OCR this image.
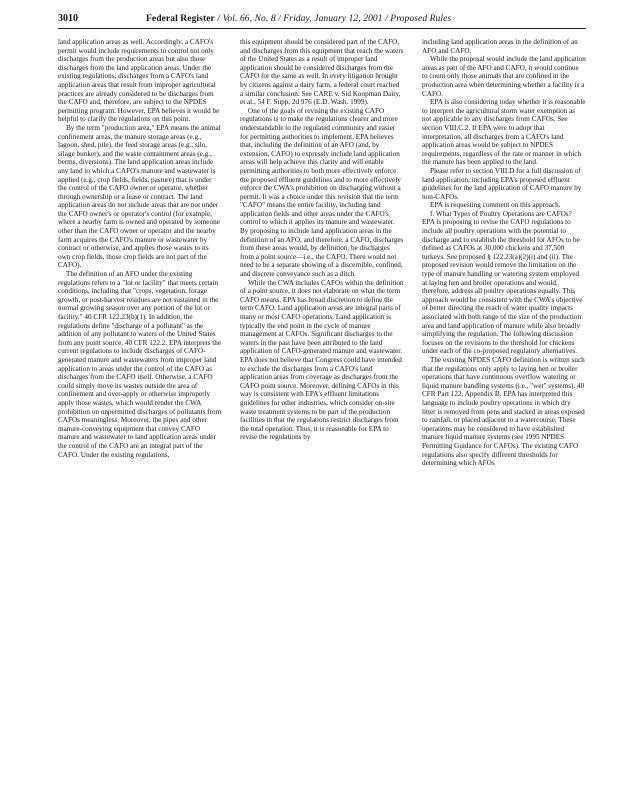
3010	Federal Register / Vol. 66, No. 8 / Friday, January 12, 2001 / Proposed Rules

land application areas as well. Accordingly, a CAFO's permit would include requirements to control not only discharges from the production areas but also those discharges from the land application areas. Under the existing regulations, discharges from a CAFO's land application areas that result from improper agricultural practices are already considered to be discharges from the CAFO and, therefore, are subject to the NPDES permitting program. However, EPA believes it would be helpful to clarify the regulations on this point.

By the term "production area," EPA means the animal confinement areas, the manure storage areas (e.g., lagoon, shed, pile), the feed storage areas (e.g., silo, silage bunker), and the waste containment areas (e.g., berms, diversions). The land application areas include any land to which a CAFO's manure and wastewater is applied (e.g., crop fields, fields, pasture) that is under the control of the CAFO owner or operator, whether through ownership or a lease or contract. The land application areas do not include areas that are not under the CAFO owner's or operator's control (for example, where a nearby farm is owned and operated by someone other than the CAFO owner or operator and the nearby farm acquires the CAFO's manure or wastewater by contract or otherwise, and applies those wastes to its own crop fields, those crop fields are not part of the CAFO).

The definition of an AFO under the existing regulations refers to a "lot or facility" that meets certain conditions, including that "crops, vegetation, forage growth, or post-harvest residues are not sustained in the normal growing season over any portion of the lot or facility." 40 CFR 122.23(b)(1). In addition, the regulations define "discharge of a pollutant" as the addition of any pollutant to waters of the United States from any point source. 40 CFR 122.2. EPA interprets the current regulations to include discharges of CAFO-generated manure and wastewaters from improper land application to areas under the control of the CAFO as discharges from the CAFO itself. Otherwise, a CAFO could simply move its wastes outside the area of confinement and over-apply or otherwise improperly apply those wastes, which would render the CWA prohibition on unpermitted discharges of pollutants from CAFOs meaningless. Moreover, the pipes and other manure-conveying equipment that convey CAFO manure and wastewater to land application areas under the control of the CAFO are an integral part of the CAFO. Under the existing regulations,

this equipment should be considered part of the CAFO, and discharges from this equipment that reach the waters of the United States as a result of improper land application should be considered discharges from the CAFO for the same as well. In every litigation brought by citizens against a dairy farm, a federal court reached a similar conclusion. See CARE v. Sid Koopman Dairy, et al., 54 F. Supp. 2d 976 (E.D. Wash. 1999).

One of the goals of revising the existing CAFO regulations is to make the regulations clearer and more understandable to the regulated community and easier for permitting authorities to implement. EPA believes that, including the definition of an AFO (and, by extension, CAFO) to expressly include land application areas will help achieve this clarity and will enable permitting authorities to both more effectively enforce the proposed effluent guidelines and to more effectively enforce the CWA's prohibition on discharging without a permit. It was a choice under this revision that the term "CAFO" means the entire facility, including land application fields and other areas under the CAFO's control to which it applies its manure and wastewater. By proposing to include land application areas in the definition of an AFO, and therefore, a CAFO, discharges from these areas would, by definition, be discharges from a point source—i.e., the CAFO. There would not need to be a separate showing of a discernible, confined, and discrete conveyance such as a ditch.

While the CWA includes CAFOs within the definition of a point source, it does not elaborate on what the term CAFO means. EPA has broad discretion to define the term CAFO. Land application areas are integral parts of many or most CAFO operations. Land application is typically the end point in the cycle of manure management at CAFOs. Significant discharges to the waters in the past have been attributed to the land application of CAFO-generated manure and wastewater. EPA does not believe that Congress could have intended to exclude the discharges from a CAFO's land application areas from coverage as discharges from the CAFO point source. Moreover, defining CAFOs in this way is consistent with EPA's effluent limitations guidelines for other industries, which consider on-site waste treatment systems to be part of the production facilities in that the regulations restrict discharges from the total operation. Thus, it is reasonable for EPA to revise the regulations by

including land application areas in the definition of an AFO and CAFO.

While the proposal would include the land application areas as part of the AFO and CAFO, it would continue to count only those animals that are confined in the production area when determining whether a facility is a CAFO.

EPA is also considering today whether it is reasonable to interpret the agricultural storm water exemption as not applicable to any discharges from CAFOs. See section VIII.C.2. If EPA were to adopt that interpretation, all discharges from a CAFO's land application areas would be subject to NPDES requirements, regardless of the rate or manner in which the manure has been applied to the land.

Please refer to section VIII.D for a full discussion of land application, including EPA's proposed effluent guidelines for the land application of CAFO manure by non-CAFOs.

EPA is requesting comment on this approach.

f. What Types of Poultry Operations are CAFOs? EPA is proposing to revise the CAFO regulations to include all poultry operations with the potential to discharge and to establish the threshold for AFOs to be defined as CAFOs at 30,000 chickens and 37,500 turkeys. See proposed § 122.23(a)(2)(i) and (ii). The proposed revision would remove the limitation on the type of manure handling or watering system employed at laying hen and broiler operations and would, therefore, address all poultry operations equally. This approach would be consistent with the CWA's objective of better directing the reach of water quality impacts associated with both range of the size of the production area and land application of manure while also broadly simplifying the regulation. The following discussion focuses on the revisions to the threshold for chickens under each of the co-proposed regulatory alternatives.

The existing NPDES CAFO definition is written such that the regulations only apply to laying hen or broiler operations that have continuous overflow watering or liquid manure handling systems (i.e., "wet" systems). 40 CFR Part 122, Appendix B. EPA has interpreted this language to include poultry operations in which dry litter is removed from pens and stacked in areas exposed to rainfall, or placed adjacent to a watercourse. These operations may be considered to have established manure liquid manure systems (see 1995 NPDES Permitting Guidance for CAFOs). The existing CAFO regulations also specify different thresholds for determining which AFOs
